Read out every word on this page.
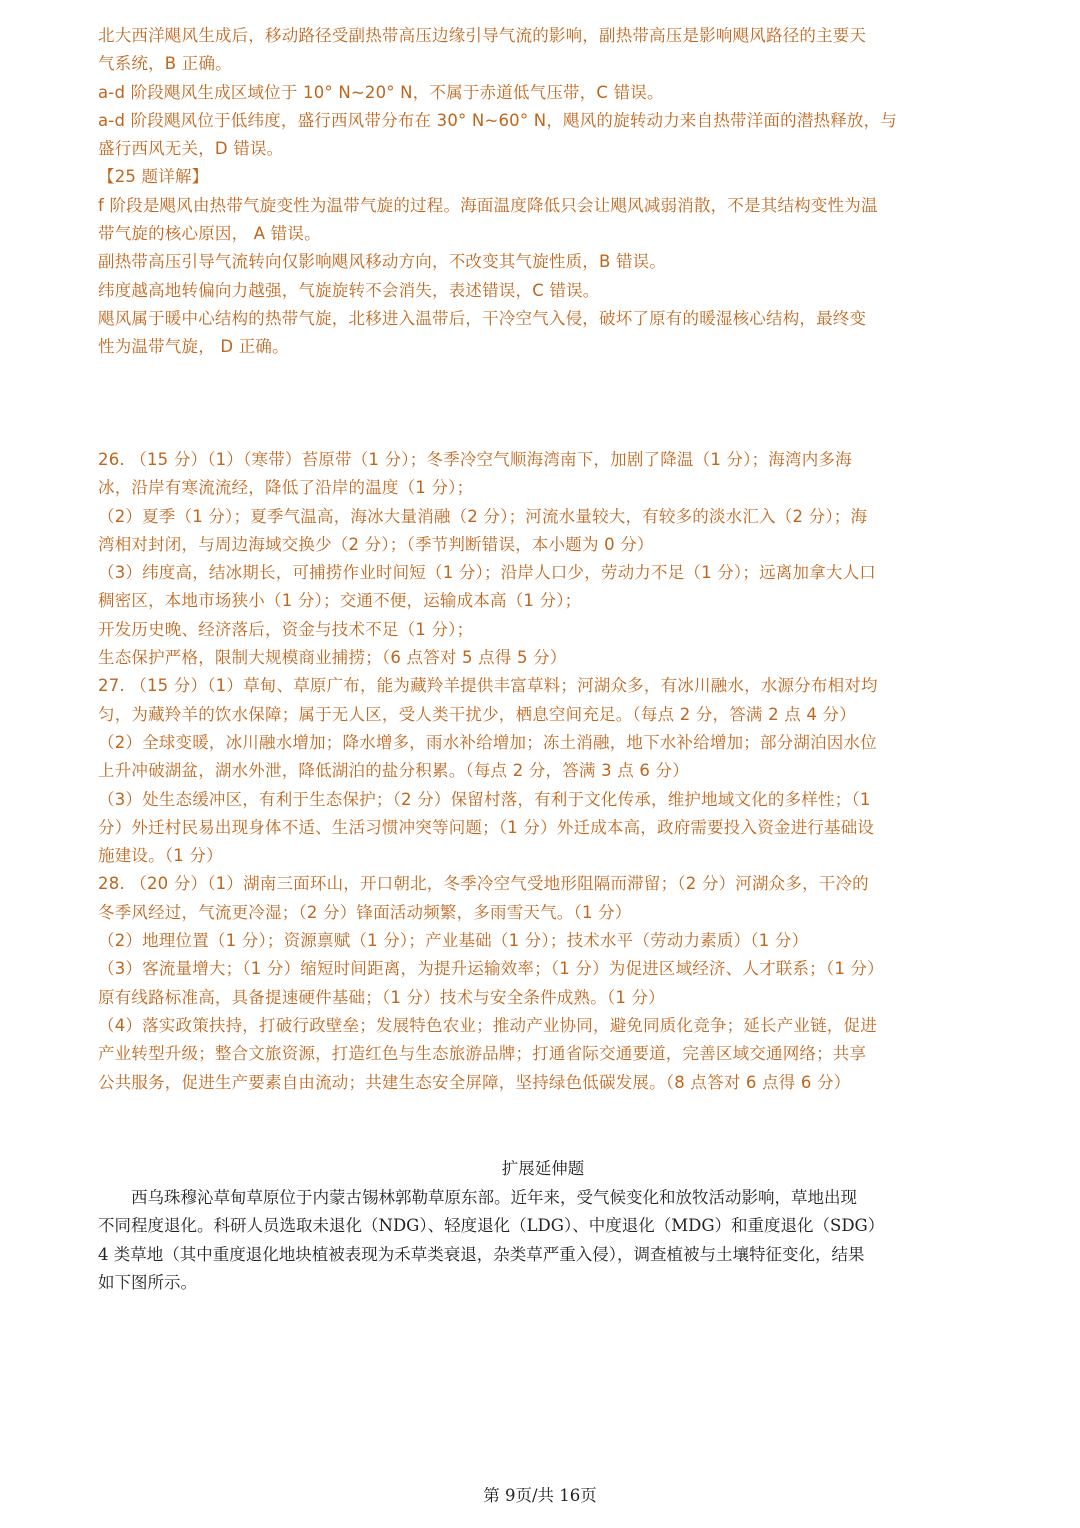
北大西洋飓风生成后，移动路径受副热带高压边缘引导气流的影响，副热带高压是影响飓风路径的主要天
气系统，B 正确。
a-d 阶段飓风生成区域位于 10° N~20° N，不属于赤道低气压带，C 错误。
a-d 阶段飓风位于低纬度，盛行西风带分布在 30° N~60° N，飓风的旋转动力来自热带洋面的潜热释放，与
盛行西风无关，D 错误。
【25 题详解】
f 阶段是飓风由热带气旋变性为温带气旋的过程。海面温度降低只会让飓风减弱消散，不是其结构变性为温
带气旋的核心原因， A 错误。
副热带高压引导气流转向仅影响飓风移动方向，不改变其气旋性质，B 错误。
纬度越高地转偏向力越强，气旋旋转不会消失，表述错误，C 错误。
飓风属于暖中心结构的热带气旋，北移进入温带后，干冷空气入侵，破坏了原有的暖湿核心结构，最终变
性为温带气旋， D 正确。
26. （15 分）（1）（寒带）苔原带（1 分）；冬季冷空气顺海湾南下，加剧了降温（1 分）；海湾内多海
冰，沿岸有寒流流经，降低了沿岸的温度（1 分）；
（2）夏季（1 分）；夏季气温高，海冰大量消融（2 分）；河流水量较大，有较多的淡水汇入（2 分）；海
湾相对封闭，与周边海域交换少（2 分）；（季节判断错误，本小题为 0 分）
（3）纬度高，结冰期长，可捕捞作业时间短（1 分）；沿岸人口少，劳动力不足（1 分）；远离加拿大人口
稠密区，本地市场狭小（1 分）；交通不便，运输成本高（1 分）；
开发历史晚、经济落后，资金与技术不足（1 分）；
生态保护严格，限制大规模商业捕捞；（6 点答对 5 点得 5 分）
27. （15 分）（1）草甸、草原广布，能为藏羚羊提供丰富草料；河湖众多，有冰川融水，水源分布相对均
匀，为藏羚羊的饮水保障；属于无人区，受人类干扰少，栖息空间充足。（每点 2 分，答满 2 点 4 分）
（2）全球变暖，冰川融水增加；降水增多，雨水补给增加；冻土消融，地下水补给增加；部分湖泊因水位
上升冲破湖盆，湖水外泄，降低湖泊的盐分积累。（每点 2 分，答满 3 点 6 分）
（3）处生态缓冲区，有利于生态保护；（2 分）保留村落，有利于文化传承，维护地域文化的多样性；（1
分）外迁村民易出现身体不适、生活习惯冲突等问题；（1 分）外迁成本高，政府需要投入资金进行基础设
施建设。（1 分）
28. （20 分）（1）湖南三面环山，开口朝北，冬季冷空气受地形阻隔而滞留；（2 分）河湖众多，干冷的
冬季风经过，气流更冷湿；（2 分）锋面活动频繁，多雨雪天气。（1 分）
（2）地理位置（1 分）；资源禀赋（1 分）；产业基础（1 分）；技术水平（劳动力素质）（1 分）
（3）客流量增大；（1 分）缩短时间距离，为提升运输效率；（1 分）为促进区域经济、人才联系；（1 分）
原有线路标准高，具备提速硬件基础；（1 分）技术与安全条件成熟。（1 分）
（4）落实政策扶持，打破行政壁垒；发展特色农业；推动产业协同，避免同质化竞争；延长产业链，促进
产业转型升级；整合文旅资源，打造红色与生态旅游品牌；打通省际交通要道，完善区域交通网络；共享
公共服务，促进生产要素自由流动；共建生态安全屏障，坚持绿色低碳发展。（8 点答对 6 点得 6 分）
扩展延伸题
　　西乌珠穆沁草甸草原位于内蒙古锡林郭勒草原东部。近年来，受气候变化和放牧活动影响，草地出现
不同程度退化。科研人员选取未退化（NDG）、轻度退化（LDG）、中度退化（MDG）和重度退化（SDG）
4 类草地（其中重度退化地块植被表现为禾草类衰退，杂类草严重入侵），调查植被与土壤特征变化，结果
如下图所示。
第 9页/共 16页
